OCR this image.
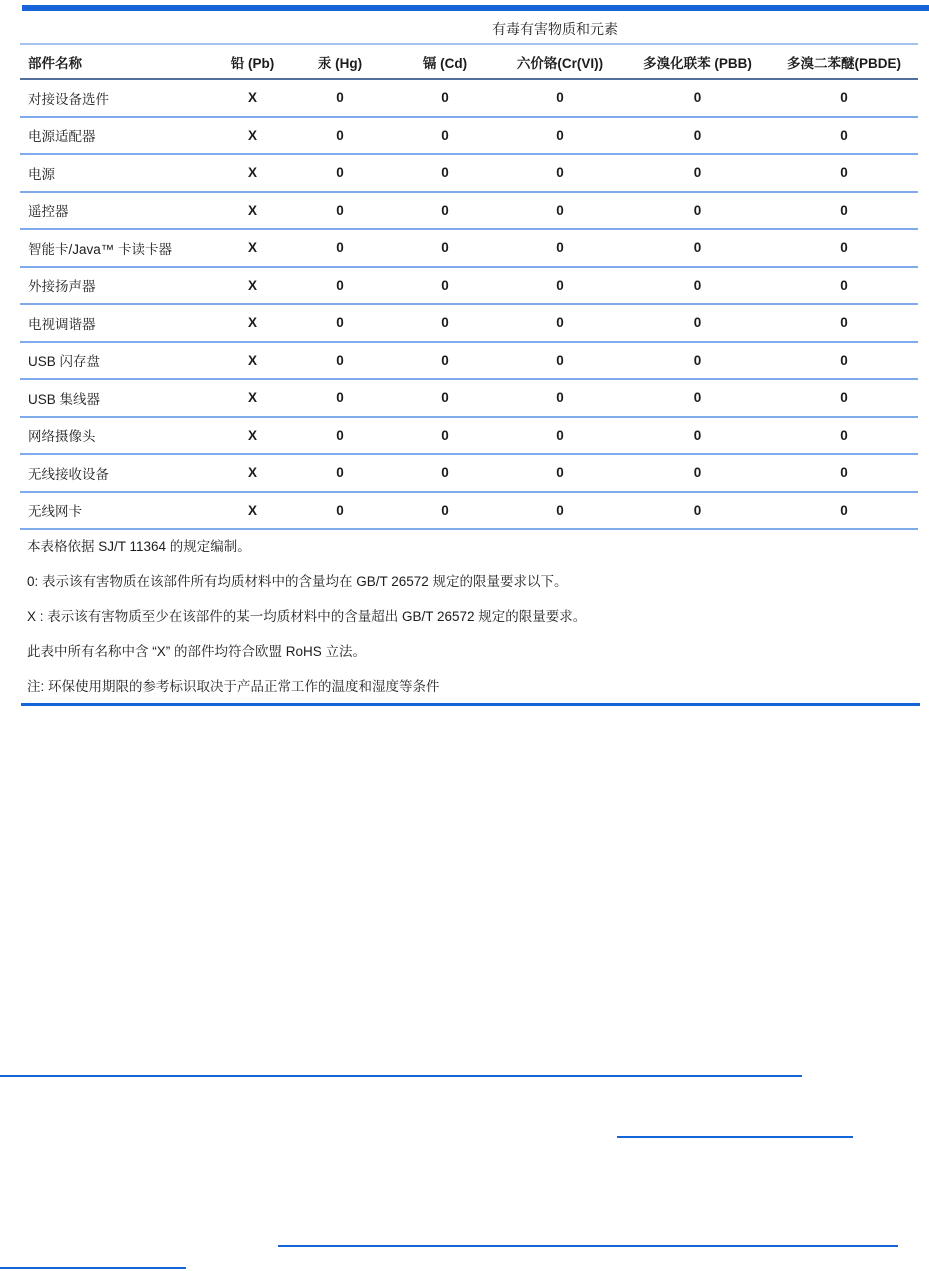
有毒有害物质和元素
部件名称	铅 (Pb)	汞 (Hg)	镉 (Cd)	六价铬(Cr(VI))	多溴化联苯 (PBB)	多溴二苯醚(PBDE)
对接设备选件	X	0	0	0	0	0
电源适配器	X	0	0	0	0	0
电源	X	0	0	0	0	0
遥控器	X	0	0	0	0	0
智能卡/Java™ 卡读卡器	X	0	0	0	0	0
外接扬声器	X	0	0	0	0	0
电视调谐器	X	0	0	0	0	0
USB 闪存盘	X	0	0	0	0	0
USB 集线器	X	0	0	0	0	0
网络摄像头	X	0	0	0	0	0
无线接收设备	X	0	0	0	0	0
无线网卡	X	0	0	0	0	0

本表格依据 SJ/T 11364 的规定编制。

0: 表示该有害物质在该部件所有均质材料中的含量均在 GB/T 26572 规定的限量要求以下。

X : 表示该有害物质至少在该部件的某一均质材料中的含量超出 GB/T 26572 规定的限量要求。

此表中所有名称中含 “X” 的部件均符合欧盟 RoHS 立法。

注: 环保使用期限的参考标识取决于产品正常工作的温度和湿度等条件
